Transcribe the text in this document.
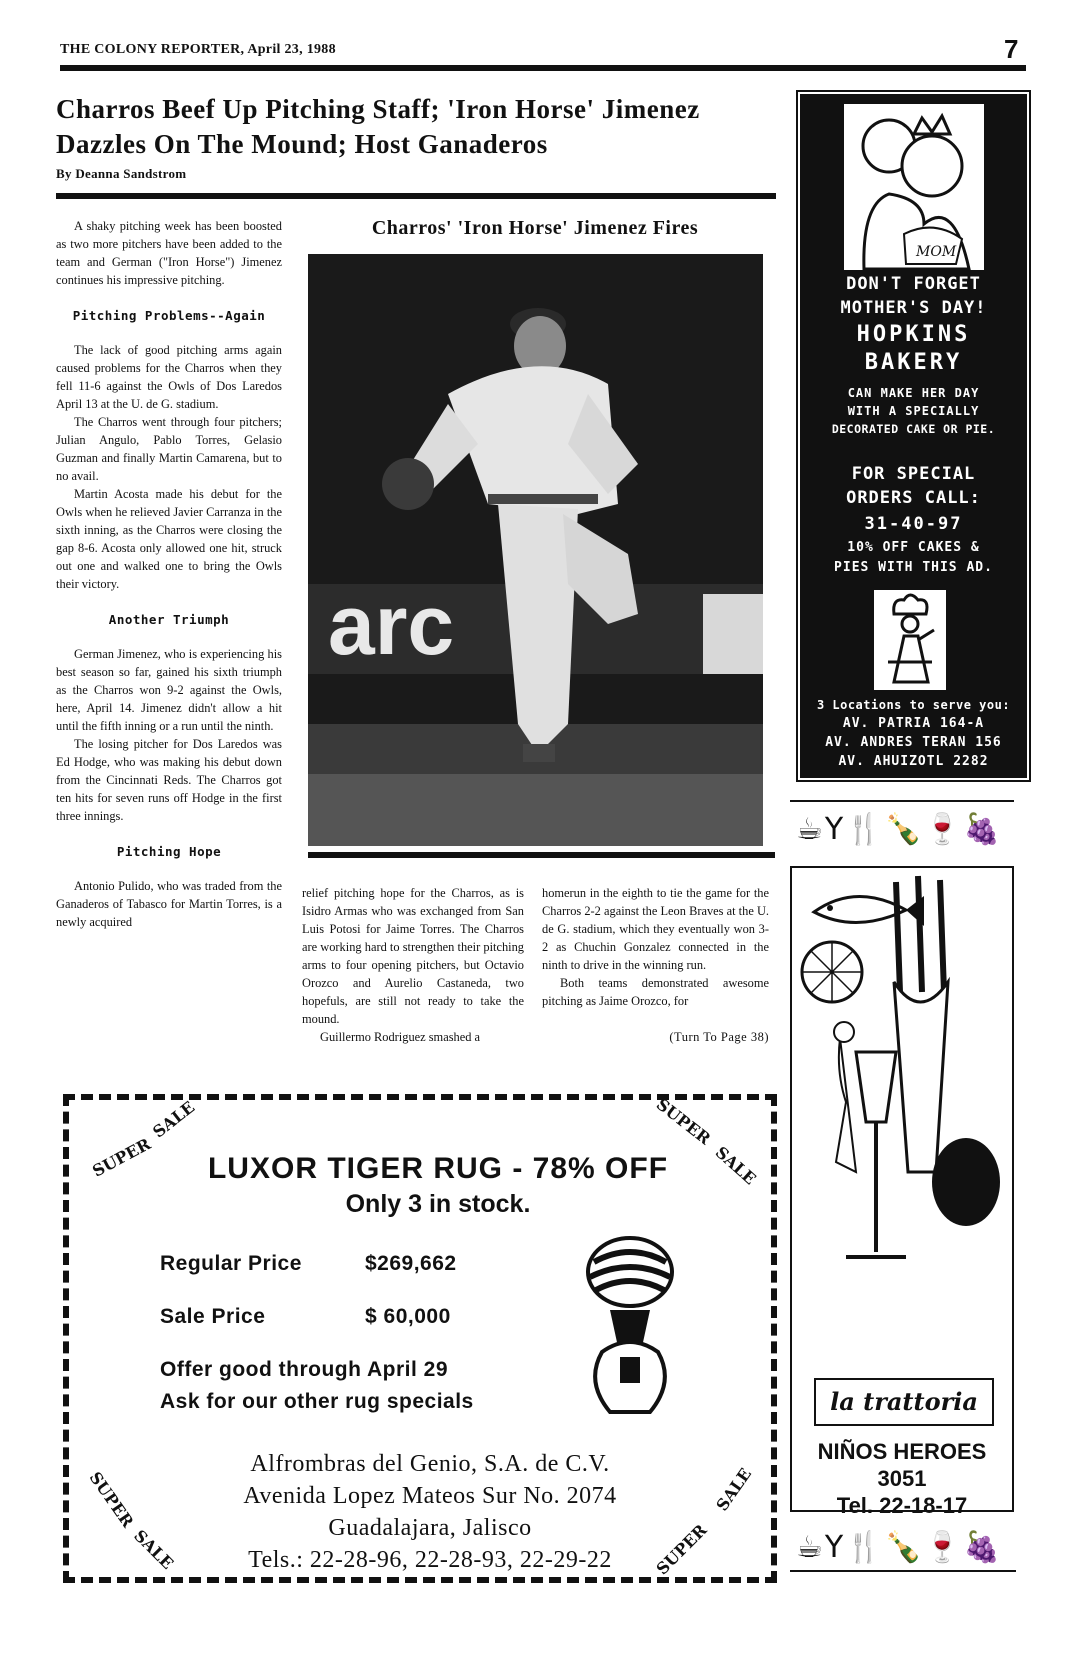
THE COLONY REPORTER, April 23, 1988	7
Charros Beef Up Pitching Staff; 'Iron Horse' Jimenez Dazzles On The Mound; Host Ganaderos
By Deanna Sandstrom

A shaky pitching week has been boosted as two more pitchers have been added to the team and German ("Iron Horse") Jimenez continues his impressive pitching.

Pitching Problems--Again

The lack of good pitching arms again caused problems for the Charros when they fell 11-6 against the Owls of Dos Laredos April 13 at the U. de G. stadium.

The Charros went through four pitchers; Julian Angulo, Pablo Torres, Gelasio Guzman and finally Martin Camarena, but to no avail.

Martin Acosta made his debut for the Owls when he relieved Javier Carranza in the sixth inning, as the Charros were closing the gap 8-6. Acosta only allowed one hit, struck out one and walked one to bring the Owls their victory.

Another Triumph

German Jimenez, who is experiencing his best season so far, gained his sixth triumph as the Charros won 9-2 against the Owls, here, April 14. Jimenez didn't allow a hit until the fifth inning or a run until the ninth.

The losing pitcher for Dos Laredos was Ed Hodge, who was making his debut down from the Cincinnati Reds. The Charros got ten hits for seven runs off Hodge in the first three innings.

Pitching Hope

Antonio Pulido, who was traded from the Ganaderos of Tabasco for Martin Torres, is a newly acquired

Charros' 'Iron Horse' Jimenez Fires
arc

relief pitching hope for the Charros, as is Isidro Armas who was exchanged from San Luis Potosi for Jaime Torres. The Charros are working hard to strengthen their pitching arms to four opening pitchers, but Octavio Orozco and Aurelio Castaneda, two hopefuls, are still not ready to take the mound.

Guillermo Rodriguez smashed a

homerun in the eighth to tie the game for the Charros 2-2 against the Leon Braves at the U. de G. stadium, which they eventually won 3-2 as Chuchin Gonzalez connected in the ninth to drive in the winning run.

Both teams demonstrated awesome pitching as Jaime Orozco, for

(Turn To Page 38)
SUPER
SALE	SUPER
SALE
SUPER
SALE	SUPER
SALE
LUXOR TIGER RUG - 78% OFF
Only 3 in stock.
Regular Price	$269,662
Sale Price	$ 60,000
Offer good through April 29
Ask for our other rug specials
Alfrombras del Genio, S.A. de C.V.
Avenida Lopez Mateos Sur No. 2074
Guadalajara, Jalisco
Tels.: 22-28-96, 22-28-93, 22-29-22
MOM
DON'T FORGET
MOTHER'S DAY!
HOPKINS
BAKERY
CAN MAKE HER DAY
WITH A SPECIALLY
DECORATED CAKE OR PIE.
FOR SPECIAL
ORDERS CALL:
31-40-97
10% OFF CAKES &
PIES WITH THIS AD.
3 Locations to serve you:
AV. PATRIA 164-A
AV. ANDRES TERAN 156
AV. AHUIZOTL 2282
☕Y🍴🍾🍷🍇
la trattoria
NIÑOS HEROES
3051
Tel. 22-18-17
☕Y🍴🍾🍷🍇
